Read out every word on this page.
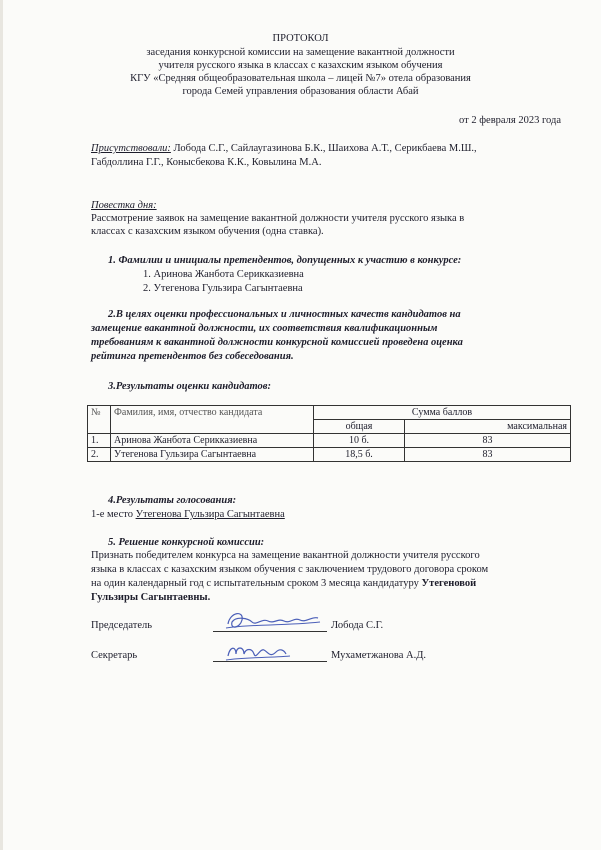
ПРОТОКОЛ
заседания конкурсной комиссии на замещение вакантной должности
учителя русского языка в классах с казахским языком обучения
КГУ «Средняя общеобразовательная школа – лицей №7» отела образования
города Семей управления образования области Абай
от 2 февраля 2023 года
Присутствовали: Лобода С.Г., Сайлаугазинова Б.К., Шаихова А.Т., Серикбаева М.Ш.,
Габдоллина Г.Г., Конысбекова К.К., Ковылина М.А.
Повестка дня:
Рассмотрение заявок на замещение вакантной должности учителя русского языка в
классах с казахским языком обучения (одна ставка).
1. Фамилии и инициалы претендентов, допущенных к участию в конкурсе:
1. Аринова Жанбота Серикказиевна
2. Утегенова Гульзира Сагынтаевна
2.В целях оценки профессиональных и личностных качеств кандидатов на
замещение вакантной должности, их соответствия квалификационным
требованиям к вакантной должности конкурсной комиссией проведена оценка
рейтинга претендентов без собеседования.
3.Результаты оценки кандидатов:
№	Фамилия, имя, отчество кандидата	Сумма баллов	
		общая	максимальная
1.	Аринова Жанбота Серикказиевна	10 б.	83
2.	Утегенова Гульзира Сагынтаевна	18,5 б.	83
4.Результаты голосования:
1-е место Утегенова Гульзира Сагынтаевна
5. Решение конкурсной комиссии:
Признать победителем конкурса на замещение вакантной должности учителя русского
языка в классах с казахским языком обучения с заключением трудового договора сроком
на один календарный год с испытательным сроком 3 месяца кандидатуру Утегеновой
Гульзиры Сагынтаевны.
Председатель	Лобода С.Г.
Секретарь	Мухаметжанова А.Д.
